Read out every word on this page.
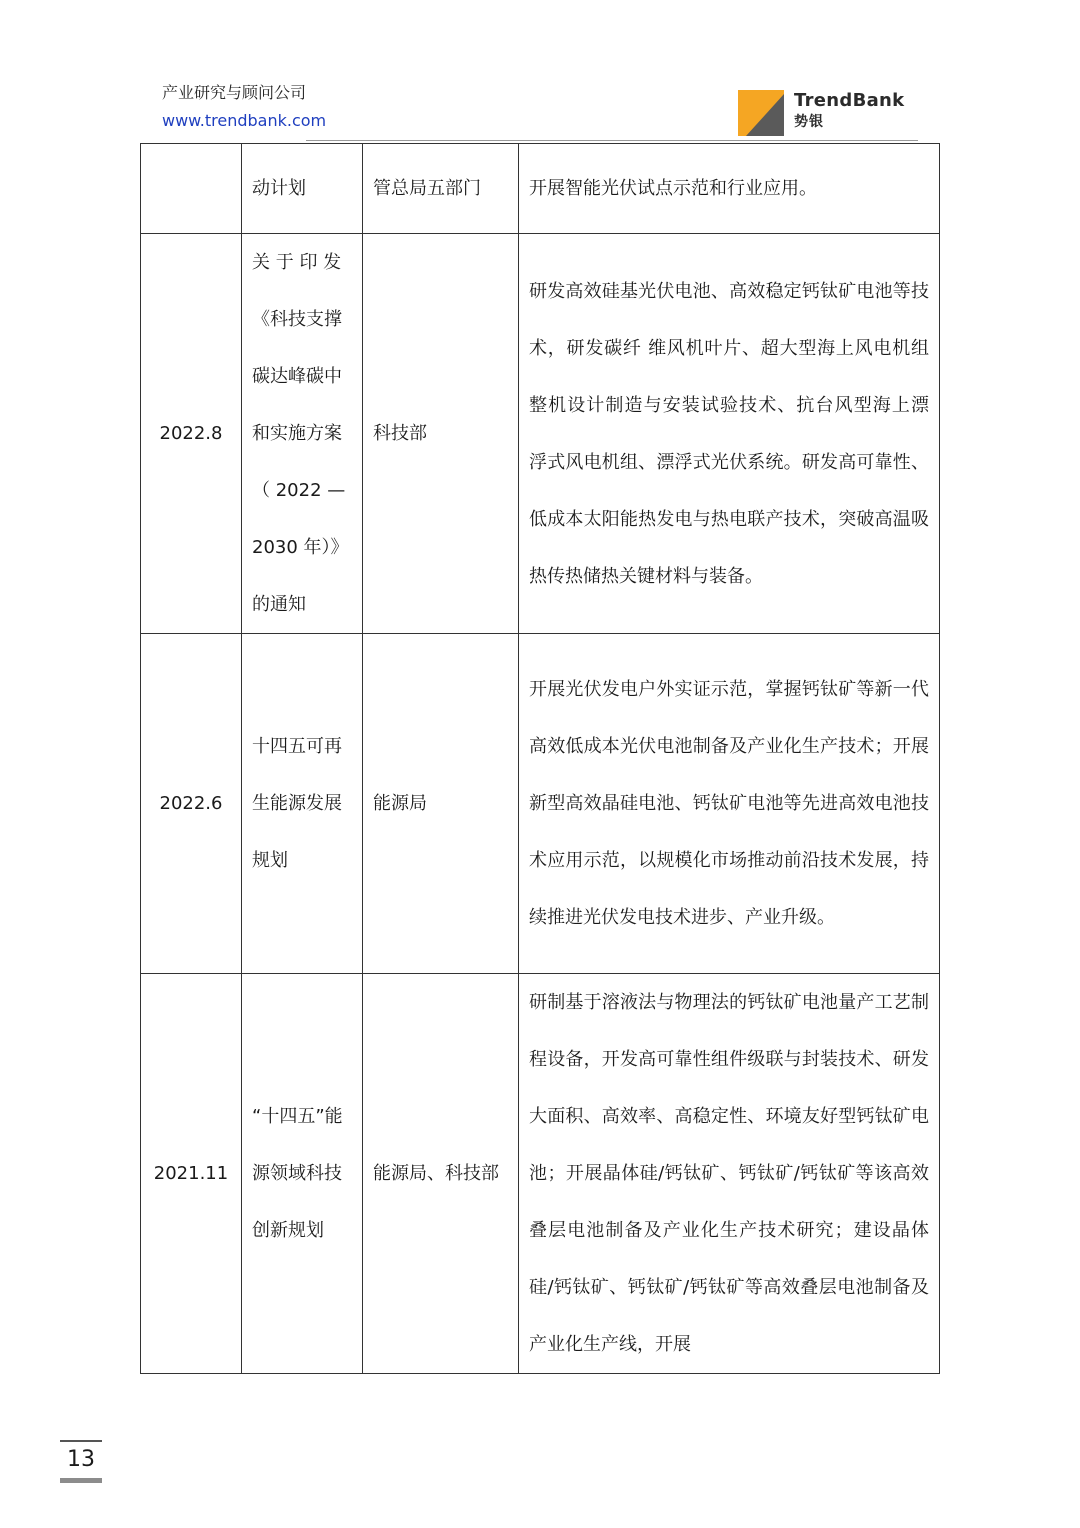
产业研究与顾问公司
www.trendbank.com
TrendBank
势银
	动计划	管总局五部门	开展智能光伏试点示范和行业应用。
2022.8	关 于 印 发《科技支撑碳达峰碳中和实施方案（ 2022 —2030 年）》的通知	科技部	研发高效硅基光伏电池、高效稳定钙钛矿电池等技术，研发碳纤 维风机叶片、超大型海上风电机组整机设计制造与安装试验技术、抗台风型海上漂 浮式风电机组、漂浮式光伏系统。研发高可靠性、低成本太阳能热发电与热电联产技术，突破高温吸热传热储热关键材料与装备。
2022.6	十四五可再生能源发展规划	能源局	开展光伏发电户外实证示范，掌握钙钛矿等新一代高效低成本光伏电池制备及产业化生产技术；开展新型高效晶硅电池、钙钛矿电池等先进高效电池技术应用示范，以规模化市场推动前沿技术发展，持续推进光伏发电技术进步、产业升级。
2021.11	“十四五”能源领域科技创新规划	能源局、科技部	研制基于溶液法与物理法的钙钛矿电池量产工艺制程设备，开发高可靠性组件级联与封装技术、研发大面积、高效率、高稳定性、环境友好型钙钛矿电池；开展晶体硅/钙钛矿、钙钛矿/钙钛矿等该高效叠层电池制备及产业化生产技术研究；建设晶体硅/钙钛矿、钙钛矿/钙钛矿等高效叠层电池制备及产业化生产线，开展
13
